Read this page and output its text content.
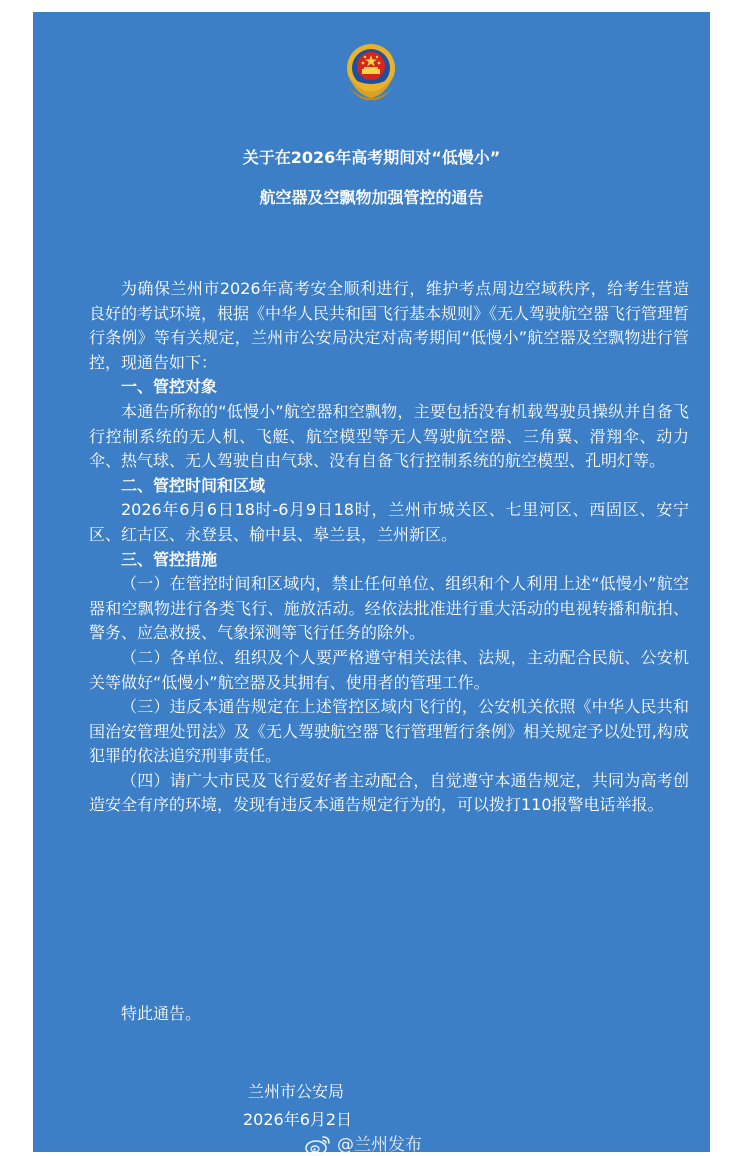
关于在2026年高考期间对“低慢小”

航空器及空飘物加强管控的通告

为确保兰州市2026年高考安全顺利进行，维护考点周边空域秩序，给考生营造良好的考试环境，根据《中华人民共和国飞行基本规则》《无人驾驶航空器飞行管理暂行条例》等有关规定，兰州市公安局决定对高考期间“低慢小”航空器及空飘物进行管控，现通告如下：

一、管控对象

本通告所称的“低慢小”航空器和空飘物，主要包括没有机载驾驶员操纵并自备飞行控制系统的无人机、飞艇、航空模型等无人驾驶航空器、三角翼、滑翔伞、动力伞、热气球、无人驾驶自由气球、没有自备飞行控制系统的航空模型、孔明灯等。

二、管控时间和区域

2026年6月6日18时-6月9日18时，兰州市城关区、七里河区、西固区、安宁区、红古区、永登县、榆中县、皋兰县，兰州新区。

三、管控措施

（一）在管控时间和区域内，禁止任何单位、组织和个人利用上述“低慢小”航空器和空飘物进行各类飞行、施放活动。经依法批准进行重大活动的电视转播和航拍、警务、应急救援、气象探测等飞行任务的除外。

（二）各单位、组织及个人要严格遵守相关法律、法规，主动配合民航、公安机关等做好“低慢小”航空器及其拥有、使用者的管理工作。

（三）违反本通告规定在上述管控区域内飞行的，公安机关依照《中华人民共和国治安管理处罚法》及《无人驾驶航空器飞行管理暂行条例》相关规定予以处罚,构成犯罪的依法追究刑事责任。

（四）请广大市民及飞行爱好者主动配合，自觉遵守本通告规定，共同为高考创造安全有序的环境，发现有违反本通告规定行为的，可以拨打110报警电话举报。

特此通告。

兰州市公安局

2026年6月2日

@兰州发布
